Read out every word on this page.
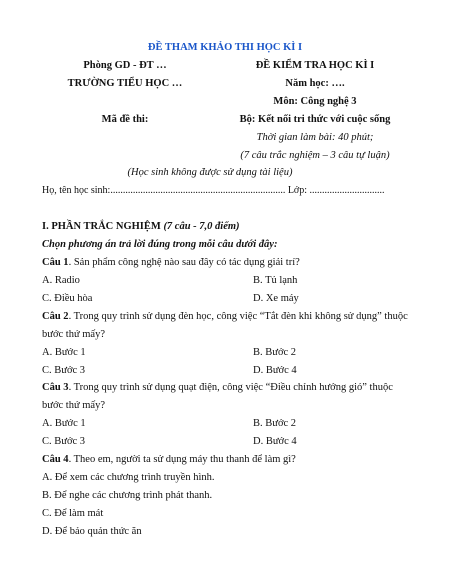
ĐỀ THAM KHẢO THI HỌC KÌ I
Phòng GD - ĐT …
TRƯỜNG TIỂU HỌC …
Mã đề thi:
ĐỀ KIỂM TRA HỌC KÌ I
Năm học: ….
Môn: Công nghệ 3
Bộ: Kết nối tri thức với cuộc sống
Thời gian làm bài: 40 phút;
(7 câu trắc nghiệm – 3 câu tự luận)
(Học sinh không được sử dụng tài liệu)
Họ, tên học sinh:...................................................................... Lớp: ..............................
I. PHẦN TRẮC NGHIỆM (7 câu - 7,0 điểm)
Chọn phương án trả lời đúng trong mỗi câu dưới đây:
Câu 1. Sản phẩm công nghệ nào sau đây có tác dụng giải trí?
A. Radio	B. Tủ lạnh
C. Điều hòa	D. Xe máy
Câu 2. Trong quy trình sử dụng đèn học, công việc “Tắt đèn khi không sử dụng” thuộc
bước thứ mấy?
A. Bước 1	B. Bước 2
C. Bước 3	D. Bước 4
Câu 3. Trong quy trình sử dụng quạt điện, công việc “Điều chỉnh hướng gió” thuộc
bước thứ mấy?
A. Bước 1	B. Bước 2
C. Bước 3	D. Bước 4
Câu 4. Theo em, người ta sử dụng máy thu thanh để làm gì?
A. Để xem các chương trình truyền hình.
B. Để nghe các chương trình phát thanh.
C. Để làm mát
D. Để bảo quản thức ăn
